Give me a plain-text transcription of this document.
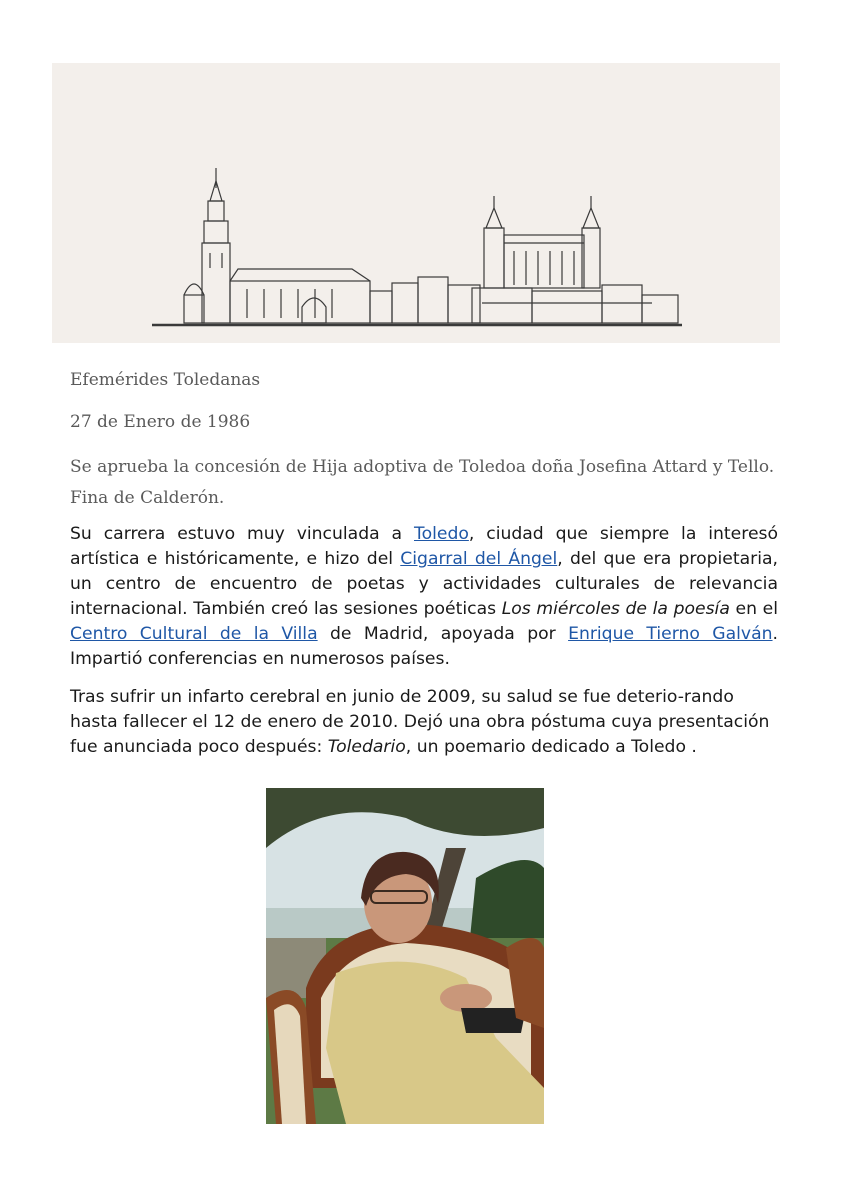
Efemérides Toledanas
27 de Enero de 1986
Se aprueba la concesión de Hija adoptiva de Toledoa doña Josefina Attard y Tello. Fina de Calderón.

Su carrera estuvo muy vinculada a Toledo, ciudad que siempre la interesó artística e históricamente, e hizo del Cigarral del Ángel, del que era propietaria, un centro de encuentro de poetas y actividades culturales de relevancia internacional. También creó las sesiones poéticas Los miércoles de la poesía en el Centro Cultural de la Villa de Madrid, apoyada por Enrique Tierno Galván. Impartió conferencias en numerosos países.

Tras sufrir un infarto cerebral en junio de 2009, su salud se fue deterio-rando hasta fallecer el 12 de enero de 2010. Dejó una obra póstuma cuya presentación fue anunciada poco después: Toledario, un poemario dedicado a Toledo .
